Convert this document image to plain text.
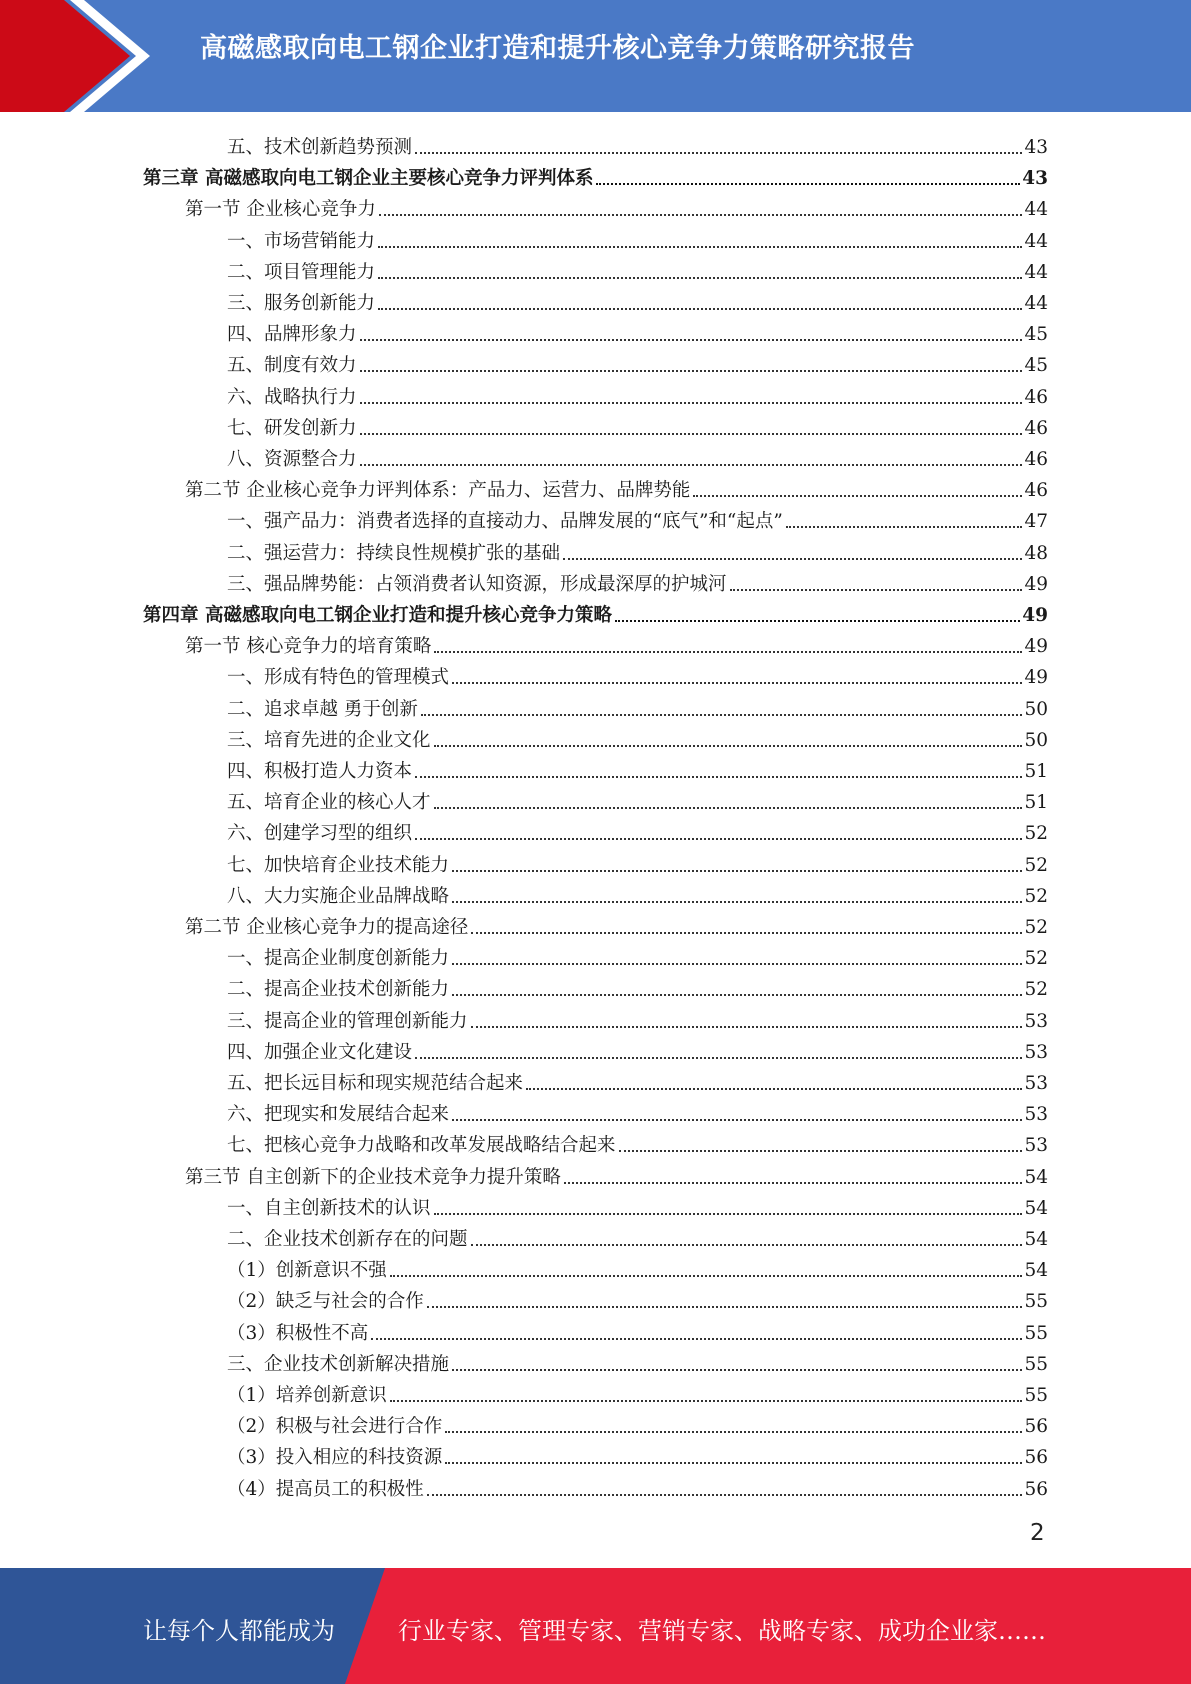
高磁感取向电工钢企业打造和提升核心竞争力策略研究报告
五、技术创新趋势预测	43
第三章 高磁感取向电工钢企业主要核心竞争力评判体系	43
第一节 企业核心竞争力	44
一、市场营销能力	44
二、项目管理能力	44
三、服务创新能力	44
四、品牌形象力	45
五、制度有效力	45
六、战略执行力	46
七、研发创新力	46
八、资源整合力	46
第二节 企业核心竞争力评判体系：产品力、运营力、品牌势能	46
一、强产品力：消费者选择的直接动力、品牌发展的“底气”和“起点”	47
二、强运营力：持续良性规模扩张的基础	48
三、强品牌势能：占领消费者认知资源，形成最深厚的护城河	49
第四章 高磁感取向电工钢企业打造和提升核心竞争力策略	49
第一节 核心竞争力的培育策略	49
一、形成有特色的管理模式	49
二、追求卓越 勇于创新	50
三、培育先进的企业文化	50
四、积极打造人力资本	51
五、培育企业的核心人才	51
六、创建学习型的组织	52
七、加快培育企业技术能力	52
八、大力实施企业品牌战略	52
第二节 企业核心竞争力的提高途径	52
一、提高企业制度创新能力	52
二、提高企业技术创新能力	52
三、提高企业的管理创新能力	53
四、加强企业文化建设	53
五、把长远目标和现实规范结合起来	53
六、把现实和发展结合起来	53
七、把核心竞争力战略和改革发展战略结合起来	53
第三节 自主创新下的企业技术竞争力提升策略	54
一、自主创新技术的认识	54
二、企业技术创新存在的问题	54
（1）创新意识不强	54
（2）缺乏与社会的合作	55
（3）积极性不高	55
三、企业技术创新解决措施	55
（1）培养创新意识	55
（2）积极与社会进行合作	56
（3）投入相应的科技资源	56
（4）提高员工的积极性	56
2
让每个人都能成为	行业专家、管理专家、营销专家、战略专家、成功企业家……
